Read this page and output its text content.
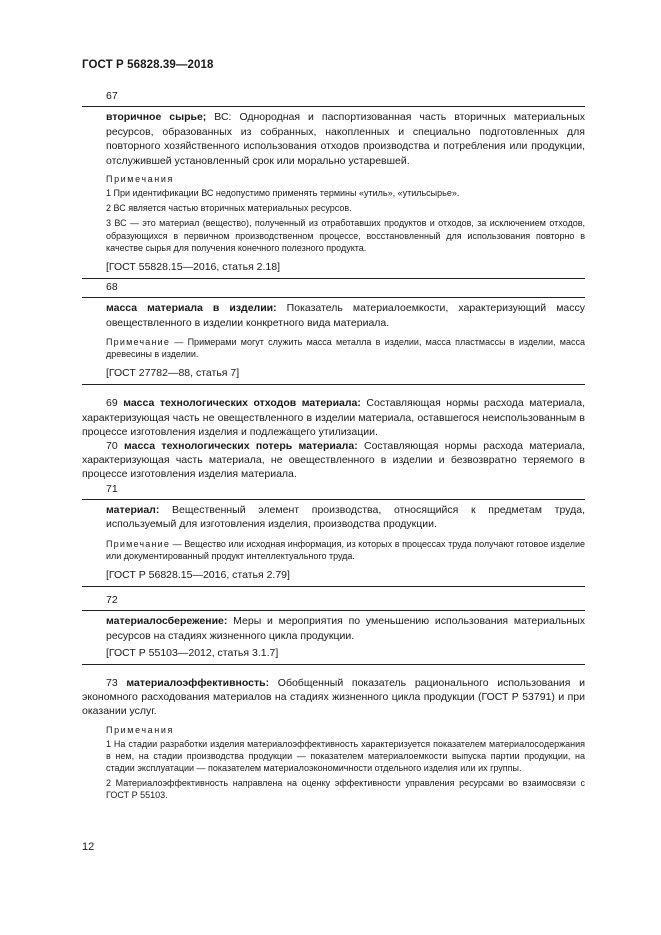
ГОСТ Р 56828.39—2018
67

вторичное сырье; ВС: Однородная и паспортизованная часть вторичных материальных ресурсов, образованных из собранных, накопленных и специально подготовленных для повторного хозяйственного использования отходов производства и потребления или продукции, отслужившей установленный срок или морально устаревшей.

Примечания

1 При идентификации ВС недопустимо применять термины «утиль», «утильсырье».

2 ВС является частью вторичных материальных ресурсов.

3 ВС — это материал (вещество), полученный из отработавших продуктов и отходов, за исключением отходов, образующихся в первичном производственном процессе, восстановленный для использования повторно в качестве сырья для получения конечного полезного продукта.

[ГОСТ 55828.15—2016, статья 2.18]
68

масса материала в изделии: Показатель материалоемкости, характеризующий массу овеществленного в изделии конкретного вида материала.

Примечание — Примерами могут служить масса металла в изделии, масса пластмассы в изделии, масса древесины в изделии.

[ГОСТ 27782—88, статья 7]

69 масса технологических отходов материала: Составляющая нормы расхода материала, характеризующая часть не овеществленного в изделии материала, оставшегося неиспользованным в процессе изготовления изделия и подлежащего утилизации.

70 масса технологических потерь материала: Составляющая нормы расхода материала, характеризующая часть материала, не овеществленного в изделии и безвозвратно теряемого в процессе изготовления изделия материала.

71

материал: Вещественный элемент производства, относящийся к предметам труда, используемый для изготовления изделия, производства продукции.

Примечание — Вещество или исходная информация, из которых в процессах труда получают готовое изделие или документированный продукт интеллектуального труда.

[ГОСТ Р 56828.15—2016, статья 2.79]
72

материалосбережение: Меры и мероприятия по уменьшению использования материальных ресурсов на стадиях жизненного цикла продукции.

[ГОСТ Р 55103—2012, статья 3.1.7]

73 материалоэффективность: Обобщенный показатель рационального использования и экономного расходования материалов на стадиях жизненного цикла продукции (ГОСТ Р 53791) и при оказании услуг.

Примечания

1 На стадии разработки изделия материалоэффективность характеризуется показателем материалосодержания в нем, на стадии производства продукции — показателем материалоемкости выпуска партии продукции, на стадии эксплуатации — показателем материалоэкономичности отдельного изделия или их группы.

2 Материалоэффективность направлена на оценку эффективности управления ресурсами во взаимосвязи с ГОСТ Р 55103.

12
